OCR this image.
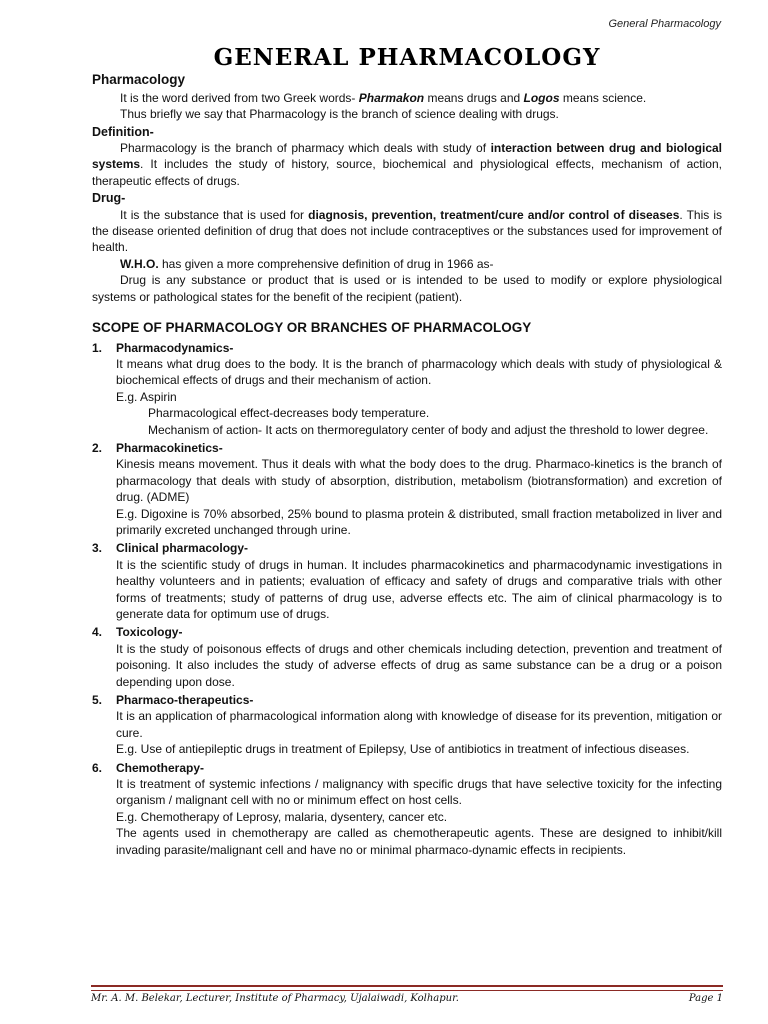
General Pharmacology
GENERAL PHARMACOLOGY
Pharmacology

It is the word derived from two Greek words- Pharmakon means drugs and Logos means science.

Thus briefly we say that Pharmacology is the branch of science dealing with drugs.

Definition-

Pharmacology is the branch of pharmacy which deals with study of interaction between drug and biological systems. It includes the study of history, source, biochemical and physiological effects, mechanism of action, therapeutic effects of drugs.

Drug-

It is the substance that is used for diagnosis, prevention, treatment/cure and/or control of diseases. This is the disease oriented definition of drug that does not include contraceptives or the substances used for improvement of health.

W.H.O. has given a more comprehensive definition of drug in 1966 as-

Drug is any substance or product that is used or is intended to be used to modify or explore physiological systems or pathological states for the benefit of the recipient (patient).

SCOPE OF PHARMACOLOGY OR BRANCHES OF PHARMACOLOGY
1.	Pharmacodynamics-

It means what drug does to the body. It is the branch of pharmacology which deals with study of physiological & biochemical effects of drugs and their mechanism of action.

E.g. Aspirin

Pharmacological effect-decreases body temperature.

Mechanism of action- It acts on thermoregulatory center of body and adjust the threshold to lower degree.

2.	Pharmacokinetics-

Kinesis means movement. Thus it deals with what the body does to the drug. Pharmaco-kinetics is the branch of pharmacology that deals with study of absorption, distribution, metabolism (biotransformation) and excretion of drug. (ADME)

E.g. Digoxine is 70% absorbed, 25% bound to plasma protein & distributed, small fraction metabolized in liver and primarily excreted unchanged through urine.

3.	Clinical pharmacology-

It is the scientific study of drugs in human. It includes pharmacokinetics and pharmacodynamic investigations in healthy volunteers and in patients; evaluation of efficacy and safety of drugs and comparative trials with other forms of treatments; study of patterns of drug use, adverse effects etc. The aim of clinical pharmacology is to generate data for optimum use of drugs.

4.	Toxicology-

It is the study of poisonous effects of drugs and other chemicals including detection, prevention and treatment of poisoning. It also includes the study of adverse effects of drug as same substance can be a drug or a poison depending upon dose.

5.	Pharmaco-therapeutics-

It is an application of pharmacological information along with knowledge of disease for its prevention, mitigation or cure.

E.g. Use of antiepileptic drugs in treatment of Epilepsy, Use of antibiotics in treatment of infectious diseases.

6.	Chemotherapy-

It is treatment of systemic infections / malignancy with specific drugs that have selective toxicity for the infecting organism / malignant cell with no or minimum effect on host cells.

E.g. Chemotherapy of Leprosy, malaria, dysentery, cancer etc.

The agents used in chemotherapy are called as chemotherapeutic agents. These are designed to inhibit/kill invading parasite/malignant cell and have no or minimal pharmaco-dynamic effects in recipients.

Mr. A. M. Belekar, Lecturer, Institute of Pharmacy, Ujalaiwadi, Kolhapur.	Page 1
